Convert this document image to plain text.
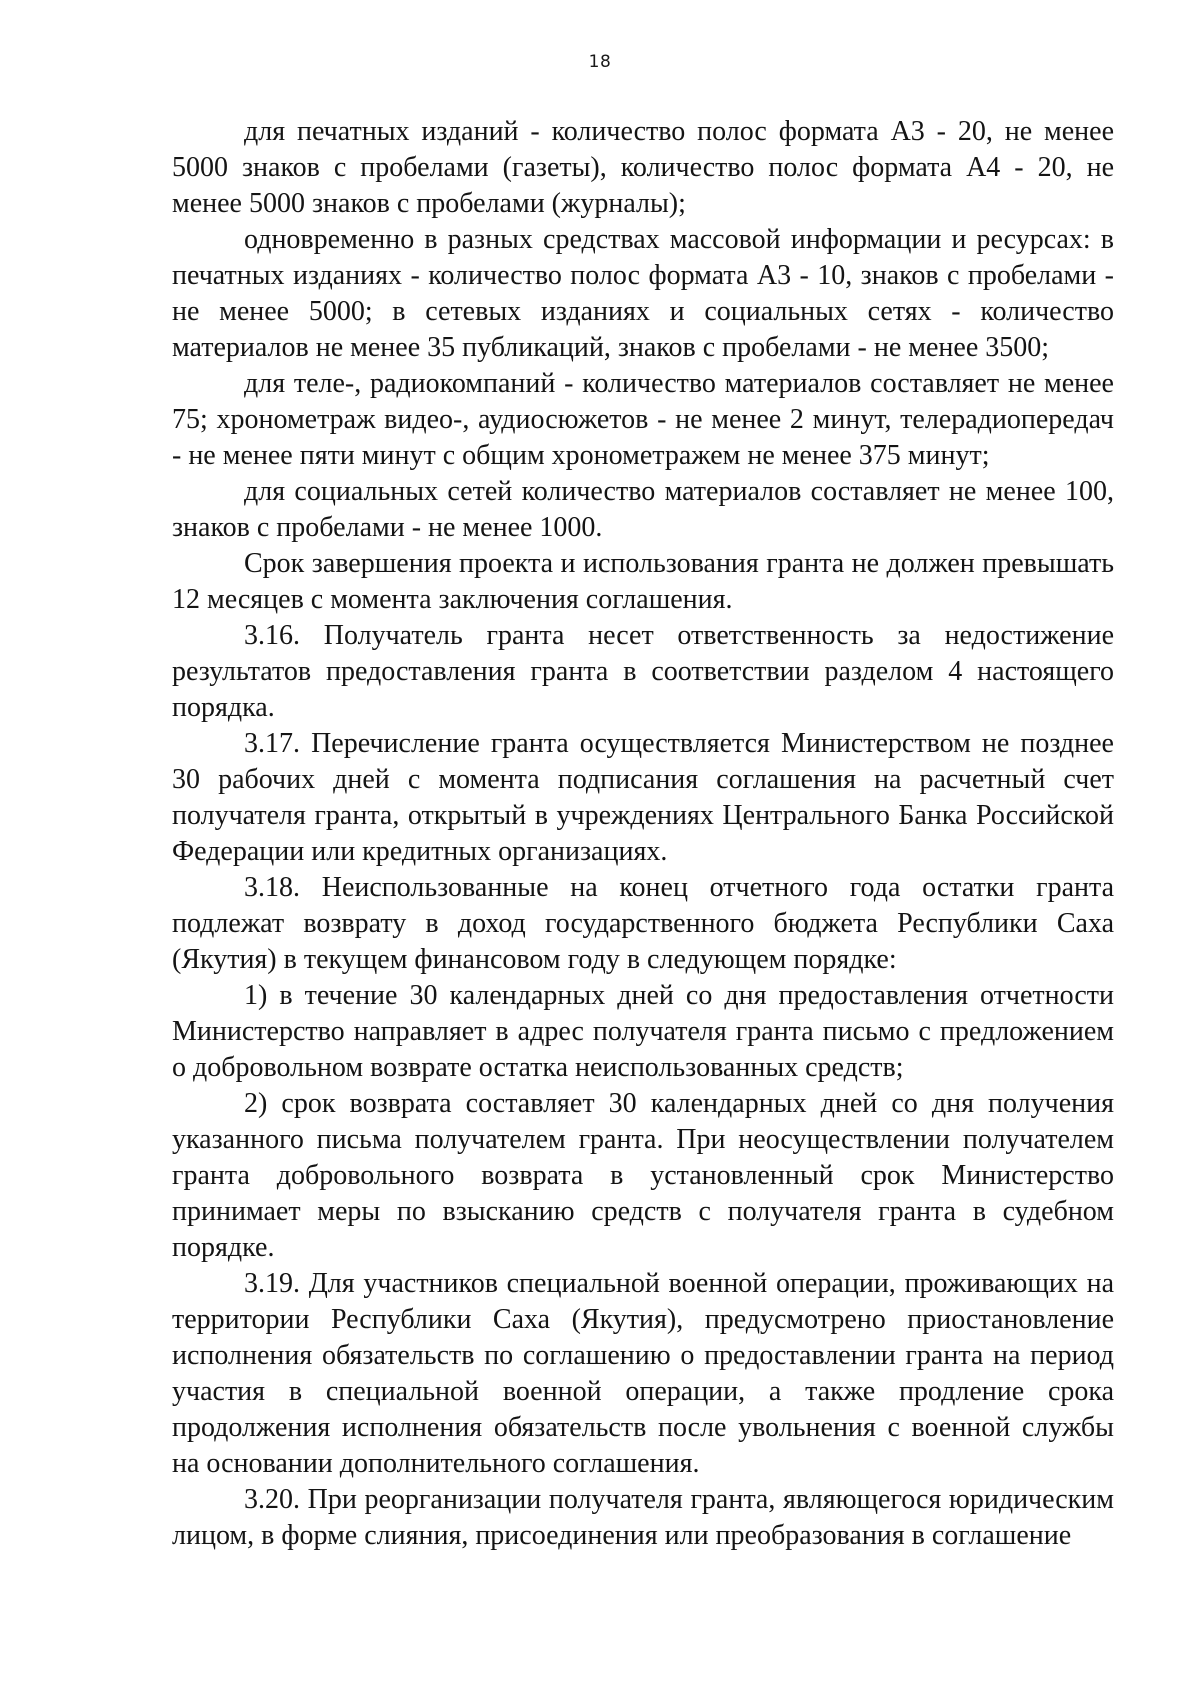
18

для печатных изданий - количество полос формата А3 - 20, не менее 5000 знаков с пробелами (газеты), количество полос формата А4 - 20, не менее 5000 знаков с пробелами (журналы);

одновременно в разных средствах массовой информации и ресурсах: в печатных изданиях - количество полос формата А3 - 10, знаков с пробелами - не менее 5000; в сетевых изданиях и социальных сетях - количество материалов не менее 35 публикаций, знаков с пробелами - не менее 3500;

для теле-, радиокомпаний - количество материалов составляет не менее 75; хронометраж видео-, аудиосюжетов - не менее 2 минут, телерадиопередач - не менее пяти минут с общим хронометражем не менее 375 минут;

для социальных сетей количество материалов составляет не менее 100, знаков с пробелами - не менее 1000.

Срок завершения проекта и использования гранта не должен превышать 12 месяцев с момента заключения соглашения.

3.16. Получатель гранта несет ответственность за недостижение результатов предоставления гранта в соответствии разделом 4 настоящего порядка.

3.17. Перечисление гранта осуществляется Министерством не позднее 30 рабочих дней с момента подписания соглашения на расчетный счет получателя гранта, открытый в учреждениях Центрального Банка Российской Федерации или кредитных организациях.

3.18. Неиспользованные на конец отчетного года остатки гранта подлежат возврату в доход государственного бюджета Республики Саха (Якутия) в текущем финансовом году в следующем порядке:

1) в течение 30 календарных дней со дня предоставления отчетности Министерство направляет в адрес получателя гранта письмо с предложением о добровольном возврате остатка неиспользованных средств;

2) срок возврата составляет 30 календарных дней со дня получения указанного письма получателем гранта. При неосуществлении получателем гранта добровольного возврата в установленный срок Министерство принимает меры по взысканию средств с получателя гранта в судебном порядке.

3.19. Для участников специальной военной операции, проживающих на территории Республики Саха (Якутия), предусмотрено приостановление исполнения обязательств по соглашению о предоставлении гранта на период участия в специальной военной операции, а также продление срока продолжения исполнения обязательств после увольнения с военной службы на основании дополнительного соглашения.

3.20. При реорганизации получателя гранта, являющегося юридическим лицом, в форме слияния, присоединения или преобразования в соглашение
